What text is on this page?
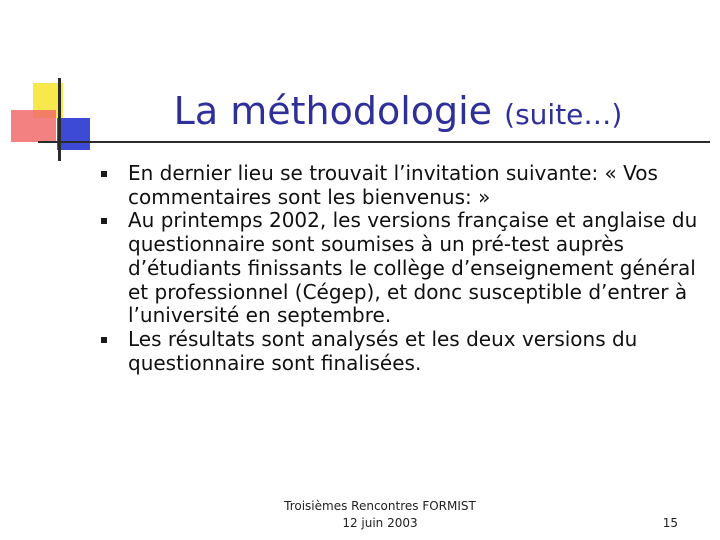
La méthodologie (suite…)
En dernier lieu se trouvait l’invitation suivante: « Vos commentaires sont les bienvenus: »
Au printemps 2002, les versions française et anglaise du questionnaire sont soumises à un pré-test auprès d’étudiants finissants le collège d’enseignement général et professionnel (Cégep), et donc susceptible d’entrer à l’université en septembre.
Les résultats sont analysés et les deux versions du questionnaire sont finalisées.
Troisièmes Rencontres FORMIST
12 juin 2003	15
